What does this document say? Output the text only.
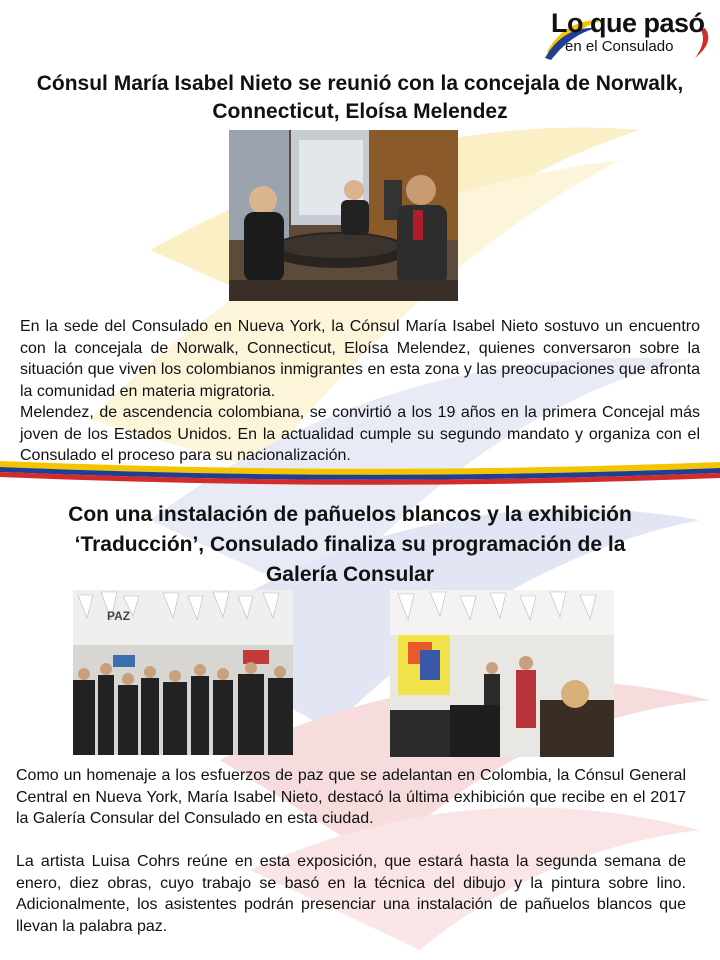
Lo que pasó
en el Consulado
Cónsul María Isabel Nieto se reunió con la concejala de Norwalk, Connecticut, Eloísa Melendez
En la sede del Consulado en Nueva York, la Cónsul María Isabel Nieto sostuvo un encuentro con la concejala de Norwalk, Connecticut, Eloísa Melendez, quienes conversaron sobre la situación que viven los colombianos inmigrantes en esta zona y las preocupaciones que afronta la comunidad en materia migratoria.
Melendez, de ascendencia colombiana, se convirtió a los 19 años en la primera Concejal más joven de los Estados Unidos. En la actualidad cumple su segundo mandato y organiza con el Consulado el proceso para su nacionalización.
Con una instalación de pañuelos blancos y la exhibición ‘Traducción’, Consulado finaliza su programación de la Galería Consular
PAZ
Como un homenaje a los esfuerzos de paz que se adelantan en Colombia, la Cónsul General Central en Nueva York, María Isabel Nieto, destacó la última exhibición que recibe en el 2017 la Galería Consular del Consulado en esta ciudad.
La artista Luisa Cohrs reúne en esta exposición, que estará hasta la segunda semana de enero, diez obras, cuyo trabajo se basó en la técnica del dibujo y la pintura sobre lino. Adicionalmente, los asistentes podrán presenciar una instalación de pañuelos blancos que llevan la palabra paz.
